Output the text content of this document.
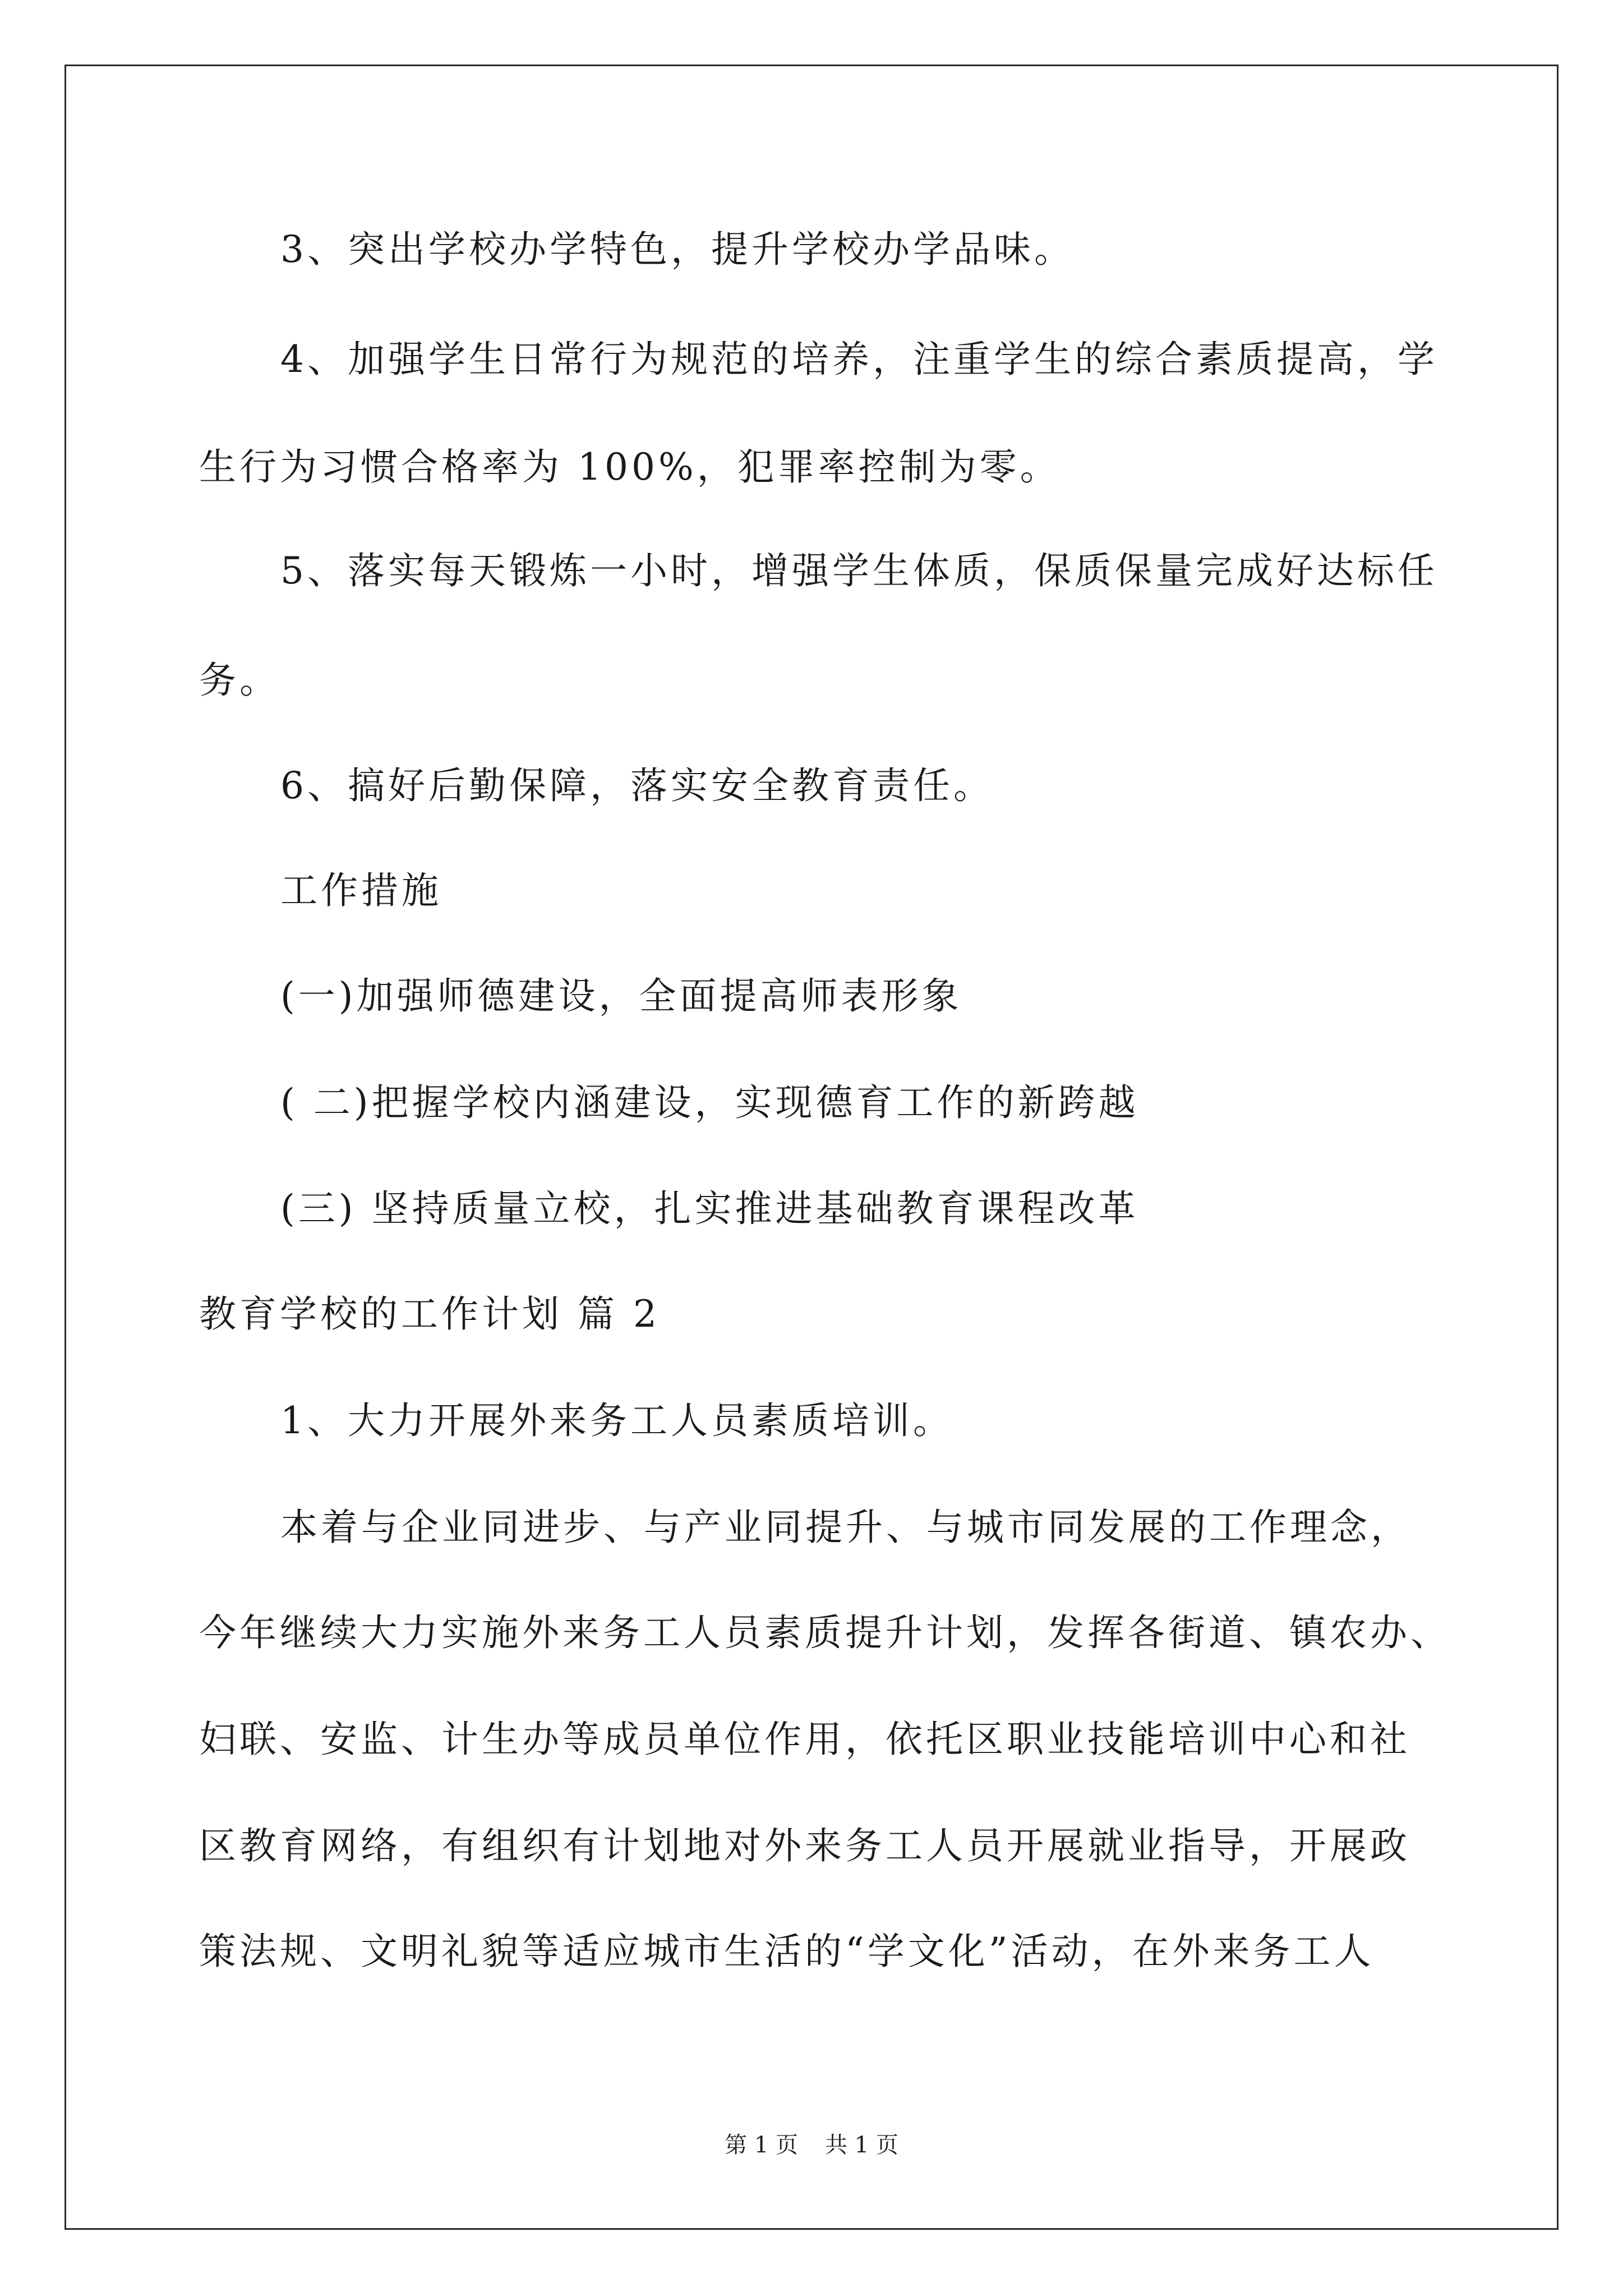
3、突出学校办学特色，提升学校办学品味。
4、加强学生日常行为规范的培养，注重学生的综合素质提高，学
生行为习惯合格率为 100%，犯罪率控制为零。
5、落实每天锻炼一小时，增强学生体质，保质保量完成好达标任
务。
6、搞好后勤保障，落实安全教育责任。
工作措施
(一)加强师德建设，全面提高师表形象
( 二)把握学校内涵建设，实现德育工作的新跨越
(三) 坚持质量立校，扎实推进基础教育课程改革
教育学校的工作计划 篇 2
1、大力开展外来务工人员素质培训。
本着与企业同进步、与产业同提升、与城市同发展的工作理念，
今年继续大力实施外来务工人员素质提升计划，发挥各街道、镇农办、
妇联、安监、计生办等成员单位作用，依托区职业技能培训中心和社
区教育网络，有组织有计划地对外来务工人员开展就业指导，开展政
策法规、文明礼貌等适应城市生活的“学文化”活动，在外来务工人
第 1 页 共 1 页
